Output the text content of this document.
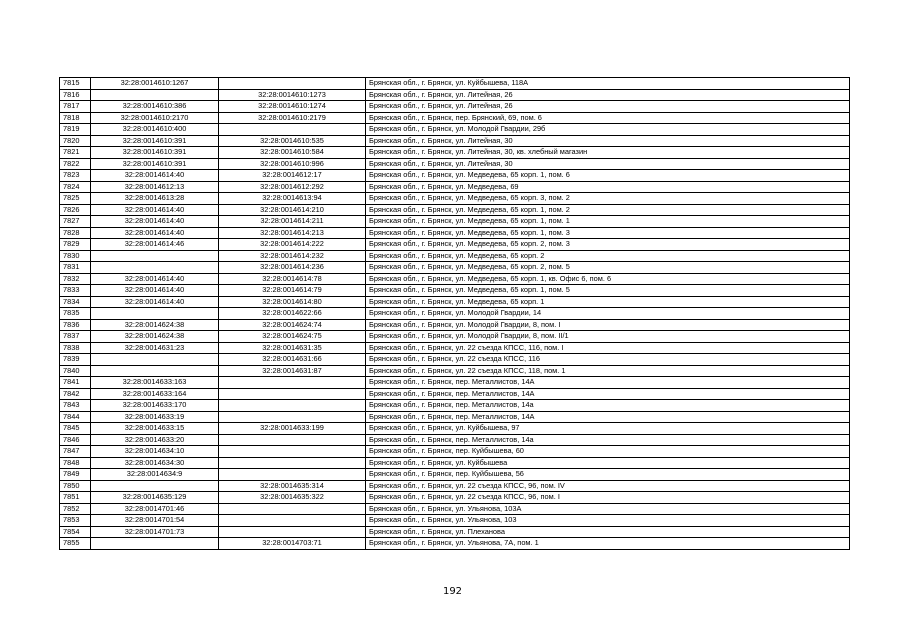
7815	32:28:0014610:1267		Брянская обл., г. Брянск, ул. Куйбышева, 118А
7816		32:28:0014610:1273	Брянская обл., г. Брянск, ул. Литейная, 26
7817	32:28:0014610:386	32:28:0014610:1274	Брянская обл., г. Брянск, ул. Литейная, 26
7818	32:28:0014610:2170	32:28:0014610:2179	Брянская обл., г. Брянск, пер. Брянский, 69, пом. 6
7819	32:28:0014610:400		Брянская обл., г. Брянск, ул. Молодой Гвардии, 29б
7820	32:28:0014610:391	32:28:0014610:535	Брянская обл., г. Брянск, ул. Литейная, 30
7821	32:28:0014610:391	32:28:0014610:584	Брянская обл., г. Брянск, ул. Литейная, 30, кв. хлебный магазин
7822	32:28:0014610:391	32:28:0014610:996	Брянская обл., г. Брянск, ул. Литейная, 30
7823	32:28:0014614:40	32:28:0014612:17	Брянская обл., г. Брянск, ул. Медведева, 65 корп. 1, пом. 6
7824	32:28:0014612:13	32:28:0014612:292	Брянская обл., г. Брянск, ул. Медведева, 69
7825	32:28:0014613:28	32:28:0014613:94	Брянская обл., г. Брянск, ул. Медведева, 65 корп. 3, пом. 2
7826	32:28:0014614:40	32:28:0014614:210	Брянская обл., г. Брянск, ул. Медведева, 65 корп. 1, пом. 2
7827	32:28:0014614:40	32:28:0014614:211	Брянская обл., г. Брянск, ул. Медведева, 65 корп. 1, пом. 1
7828	32:28:0014614:40	32:28:0014614:213	Брянская обл., г. Брянск, ул. Медведева, 65 корп. 1, пом. 3
7829	32:28:0014614:46	32:28:0014614:222	Брянская обл., г. Брянск, ул. Медведева, 65 корп. 2, пом. 3
7830		32:28:0014614:232	Брянская обл., г. Брянск, ул. Медведева, 65 корп. 2
7831		32:28:0014614:236	Брянская обл., г. Брянск, ул. Медведева, 65 корп. 2, пом. 5
7832	32:28:0014614:40	32:28:0014614:78	Брянская обл., г. Брянск, ул. Медведева, 65 корп. 1, кв. Офис 6, пом. 6
7833	32:28:0014614:40	32:28:0014614:79	Брянская обл., г. Брянск, ул. Медведева, 65 корп. 1, пом. 5
7834	32:28:0014614:40	32:28:0014614:80	Брянская обл., г. Брянск, ул. Медведева, 65 корп. 1
7835		32:28:0014622:66	Брянская обл., г. Брянск, ул. Молодой Гвардии, 14
7836	32:28:0014624:38	32:28:0014624:74	Брянская обл., г. Брянск, ул. Молодой Гвардии, 8, пом. I
7837	32:28:0014624:38	32:28:0014624:75	Брянская обл., г. Брянск, ул. Молодой Гвардии, 8, пом. II/1
7838	32:28:0014631:23	32:28:0014631:35	Брянская обл., г. Брянск, ул. 22 съезда КПСС, 116, пом. I
7839		32:28:0014631:66	Брянская обл., г. Брянск, ул. 22 съезда КПСС, 116
7840		32:28:0014631:87	Брянская обл., г. Брянск, ул. 22 съезда КПСС, 118, пом. 1
7841	32:28:0014633:163		Брянская обл., г. Брянск, пер. Металлистов, 14А
7842	32:28:0014633:164		Брянская обл., г. Брянск, пер. Металлистов, 14А
7843	32:28:0014633:170		Брянская обл., г. Брянск, пер. Металлистов, 14а
7844	32:28:0014633:19		Брянская обл., г. Брянск, пер. Металлистов, 14А
7845	32:28:0014633:15	32:28:0014633:199	Брянская обл., г. Брянск, ул. Куйбышева, 97
7846	32:28:0014633:20		Брянская обл., г. Брянск, пер. Металлистов, 14а
7847	32:28:0014634:10		Брянская обл., г. Брянск, пер. Куйбышева, 60
7848	32:28:0014634:30		Брянская обл., г. Брянск, ул. Куйбышева
7849	32:28:0014634:9		Брянская обл., г. Брянск, пер. Куйбышева, 56
7850		32:28:0014635:314	Брянская обл., г. Брянск, ул. 22 съезда КПСС, 96, пом. IV
7851	32:28:0014635:129	32:28:0014635:322	Брянская обл., г. Брянск, ул. 22 съезда КПСС, 96, пом. I
7852	32:28:0014701:46		Брянская обл., г. Брянск, ул. Ульянова, 103А
7853	32:28:0014701:54		Брянская обл., г. Брянск, ул. Ульянова, 103
7854	32:28:0014701:73		Брянская обл., г. Брянск, ул. Плеханова
7855		32:28:0014703:71	Брянская обл., г. Брянск, ул. Ульянова, 7А, пом. 1
192
